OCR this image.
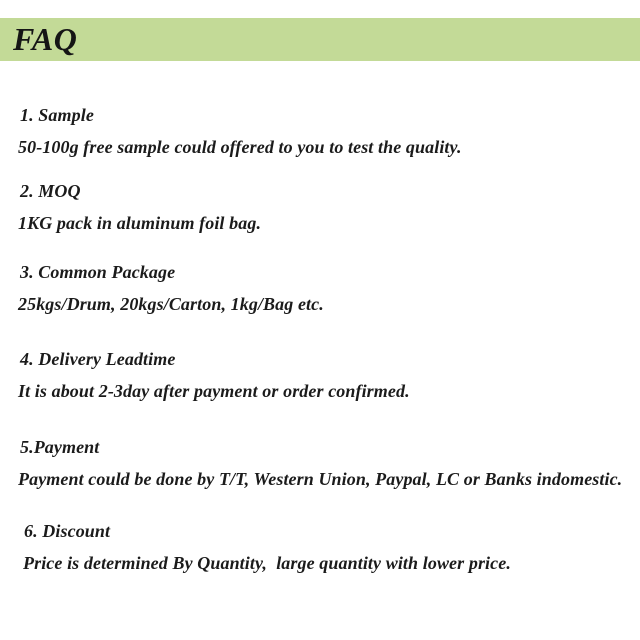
FAQ
1. Sample
50-100g free sample could offered to you to test the quality.
2. MOQ
1KG pack in aluminum foil bag.
3. Common Package
25kgs/Drum, 20kgs/Carton, 1kg/Bag etc.
4. Delivery Leadtime
It is about 2-3day after payment or order confirmed.
5.Payment
Payment could be done by T/T, Western Union, Paypal, LC or Banks indomestic.
6. Discount
Price is determined By Quantity,  large quantity with lower price.
